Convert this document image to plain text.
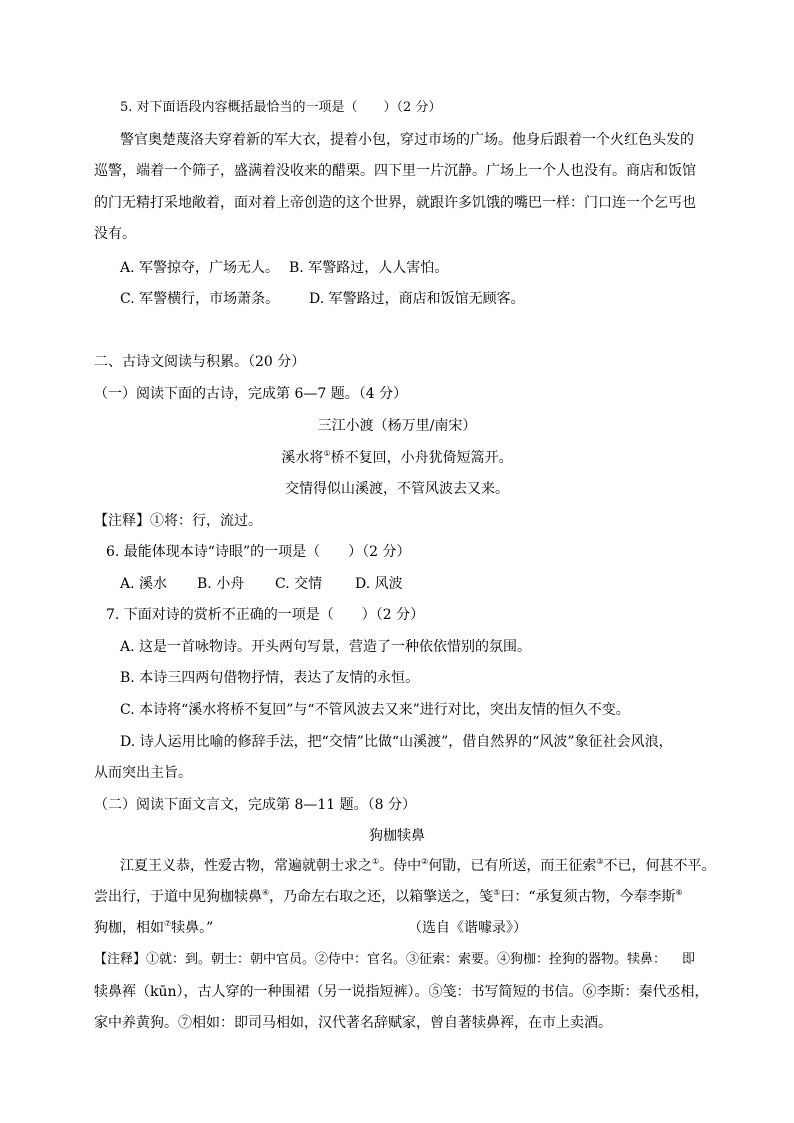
5. 对下面语段内容概括最恰当的一项是（　　）（2 分）
警官奥楚蔑洛夫穿着新的军大衣，提着小包，穿过市场的广场。他身后跟着一个火红色头发的
巡警，端着一个筛子，盛满着没收来的醋栗。四下里一片沉静。广场上一个人也没有。商店和饭馆
的门无精打采地敞着，面对着上帝创造的这个世界，就跟许多饥饿的嘴巴一样：门口连一个乞丐也
没有。
A. 军警掠夺，广场无人。 B. 军警路过，人人害怕。
C. 军警横行，市场萧条。 D. 军警路过，商店和饭馆无顾客。
二、古诗文阅读与积累。（20 分）
（一）阅读下面的古诗，完成第 6—7 题。（4 分）
三江小渡（杨万里/南宋）
溪水将①桥不复回，小舟犹倚短篙开。
交情得似山溪渡，不管风波去又来。
【注释】①将：行，流过。
6. 最能体现本诗“诗眼”的一项是（　　）（2 分）
A. 溪水 B. 小舟 C. 交情 D. 风波
7. 下面对诗的赏析不正确的一项是（　　）（2 分）
A. 这是一首咏物诗。开头两句写景，营造了一种依依惜别的氛围。
B. 本诗三四两句借物抒情，表达了友情的永恒。
C. 本诗将“溪水将桥不复回”与“不管风波去又来”进行对比，突出友情的恒久不变。
D. 诗人运用比喻的修辞手法，把“交情”比做“山溪渡”，借自然界的“风波”象征社会风浪，
从而突出主旨。
（二）阅读下面文言文，完成第 8—11 题。（8 分）
狗枷犊鼻
江夏王义恭，性爱古物，常遍就朝士求之①。侍中②何勖，已有所送，而王征索③不已，何甚不平。
尝出行，于道中见狗枷犊鼻④，乃命左右取之还，以箱擎送之，笺⑤曰：“承复须古物，今奉李斯⑥
狗枷，相如⑦犊鼻。”	（选自《谐噱录》）
【注释】①就：到。朝士：朝中官员。②侍中：官名。③征索：索要。④狗枷：拴狗的器物。犊鼻： 即
犊鼻裈（kūn），古人穿的一种围裙（另一说指短裤）。⑤笺：书写简短的书信。⑥李斯：秦代丞相，
家中养黄狗。⑦相如：即司马相如，汉代著名辞赋家，曾自著犊鼻裈，在市上卖酒。
